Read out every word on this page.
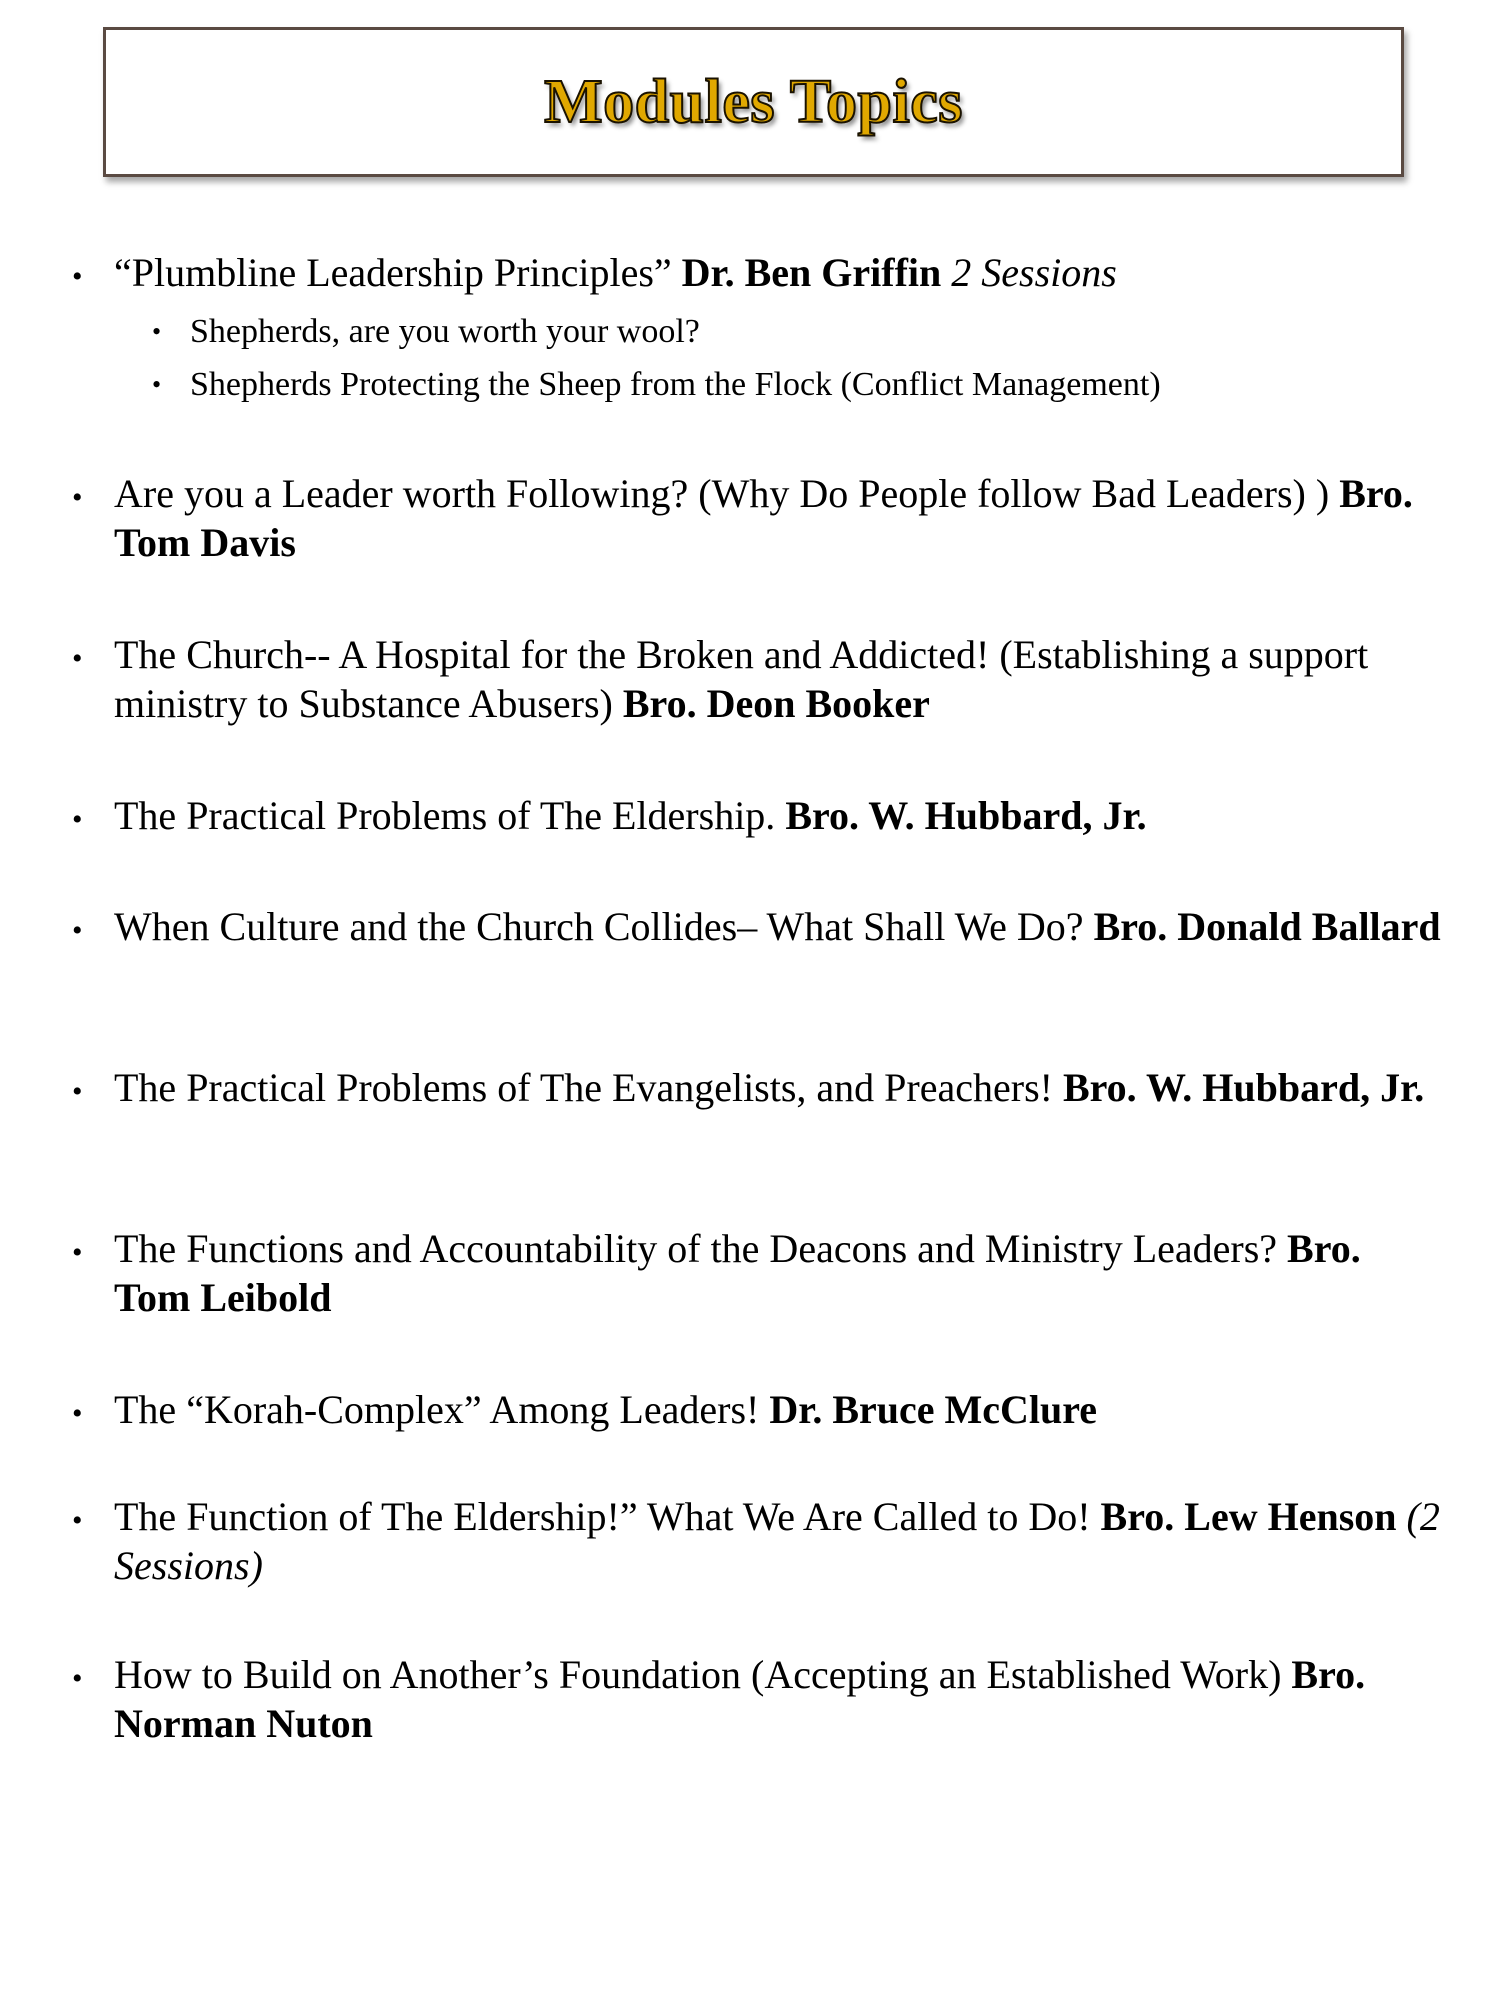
Modules Topics
• “Plumbline Leadership Principles” Dr. Ben Griffin 2 Sessions
• Shepherds, are you worth your wool?
• Shepherds Protecting the Sheep from the Flock (Conflict Management)
• Are you a Leader worth Following? (Why Do People follow Bad Leaders) ) Bro. Tom Davis
• The Church-- A Hospital for the Broken and Addicted! (Establishing a support ministry to Substance Abusers) Bro. Deon Booker
• The Practical Problems of The Eldership. Bro. W. Hubbard, Jr.
• When Culture and the Church Collides– What Shall We Do? Bro. Donald Ballard
• The Practical Problems of The Evangelists, and Preachers! Bro. W. Hubbard, Jr.
• The Functions and Accountability of the Deacons and Ministry Leaders? Bro. Tom Leibold
• The “Korah-Complex” Among Leaders! Dr. Bruce McClure
• The Function of The Eldership!” What We Are Called to Do! Bro. Lew Henson (2 Sessions)
• How to Build on Another’s Foundation (Accepting an Established Work) Bro. Norman Nuton
